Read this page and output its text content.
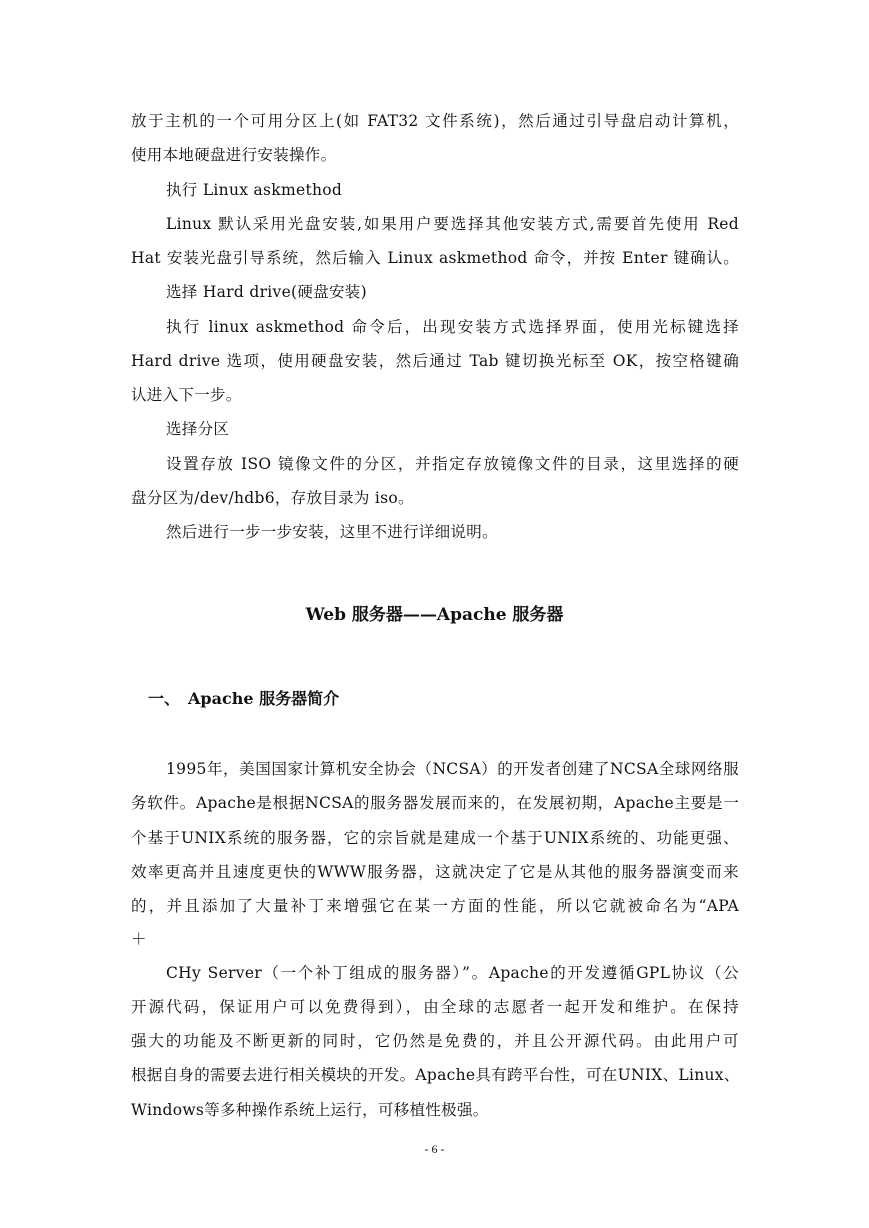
放于主机的一个可用分区上(如 FAT32 文件系统)，然后通过引导盘启动计算机，
使用本地硬盘进行安装操作。
执行 Linux askmethod
Linux 默认采用光盘安装,如果用户要选择其他安装方式,需要首先使用 Red
Hat 安装光盘引导系统，然后输入 Linux askmethod 命令，并按 Enter 键确认。
选择 Hard drive(硬盘安装)
执行 linux askmethod 命令后，出现安装方式选择界面，使用光标键选择
Hard drive 选项，使用硬盘安装，然后通过 Tab 键切换光标至 OK，按空格键确
认进入下一步。
选择分区
设置存放 ISO 镜像文件的分区，并指定存放镜像文件的目录，这里选择的硬
盘分区为/dev/hdb6，存放目录为 iso。
然后进行一步一步安装，这里不进行详细说明。
Web 服务器——Apache 服务器
一、 Apache 服务器简介
1995年，美国国家计算机安全协会（NCSA）的开发者创建了NCSA全球网络服
务软件。Apache是根据NCSA的服务器发展而来的，在发展初期，Apache主要是一
个基于UNIX系统的服务器，它的宗旨就是建成一个基于UNIX系统的、功能更强、
效率更高并且速度更快的WWW服务器，这就决定了它是从其他的服务器演变而来
的，并且添加了大量补丁来增强它在某一方面的性能，所以它就被命名为“APA
＋
CHy Server（一个补丁组成的服务器）”。Apache的开发遵循GPL协议（公
开源代码，保证用户可以免费得到），由全球的志愿者一起开发和维护。在保持
强大的功能及不断更新的同时，它仍然是免费的，并且公开源代码。由此用户可
根据自身的需要去进行相关模块的开发。Apache具有跨平台性，可在UNIX、Linux、
Windows等多种操作系统上运行，可移植性极强。
- 6 -
